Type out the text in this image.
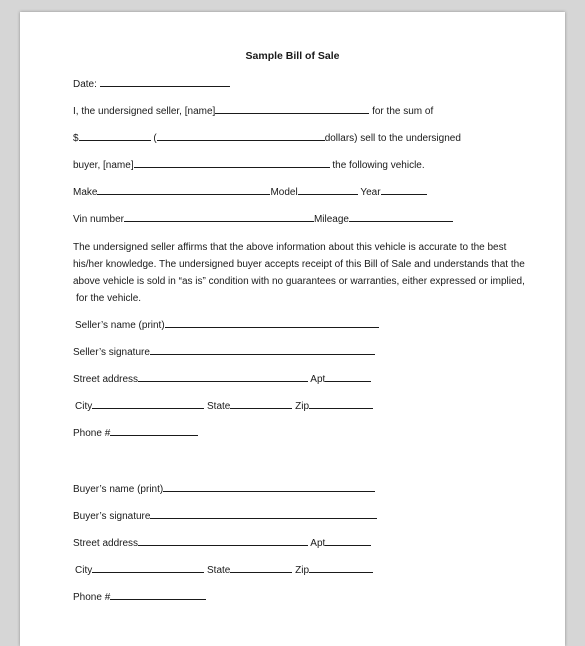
Sample Bill of Sale
Date:
I, the undersigned seller, [name]	for the sum of
$	(	dollars) sell to the undersigned
buyer, [name]	the following vehicle.
Make	Model	Year
Vin number	Mileage
The undersigned seller affirms that the above information about this vehicle is accurate to the best
his/her knowledge. The undersigned buyer accepts receipt of this Bill of Sale and understands that the
above vehicle is sold in “as is” condition with no guarantees or warranties, either expressed or implied,
for the vehicle.
Seller’s name (print)
Seller’s signature
Street address	Apt
City	State	Zip
Phone #
Buyer’s name (print)
Buyer’s signature
Street address	Apt
City	State	Zip
Phone #
